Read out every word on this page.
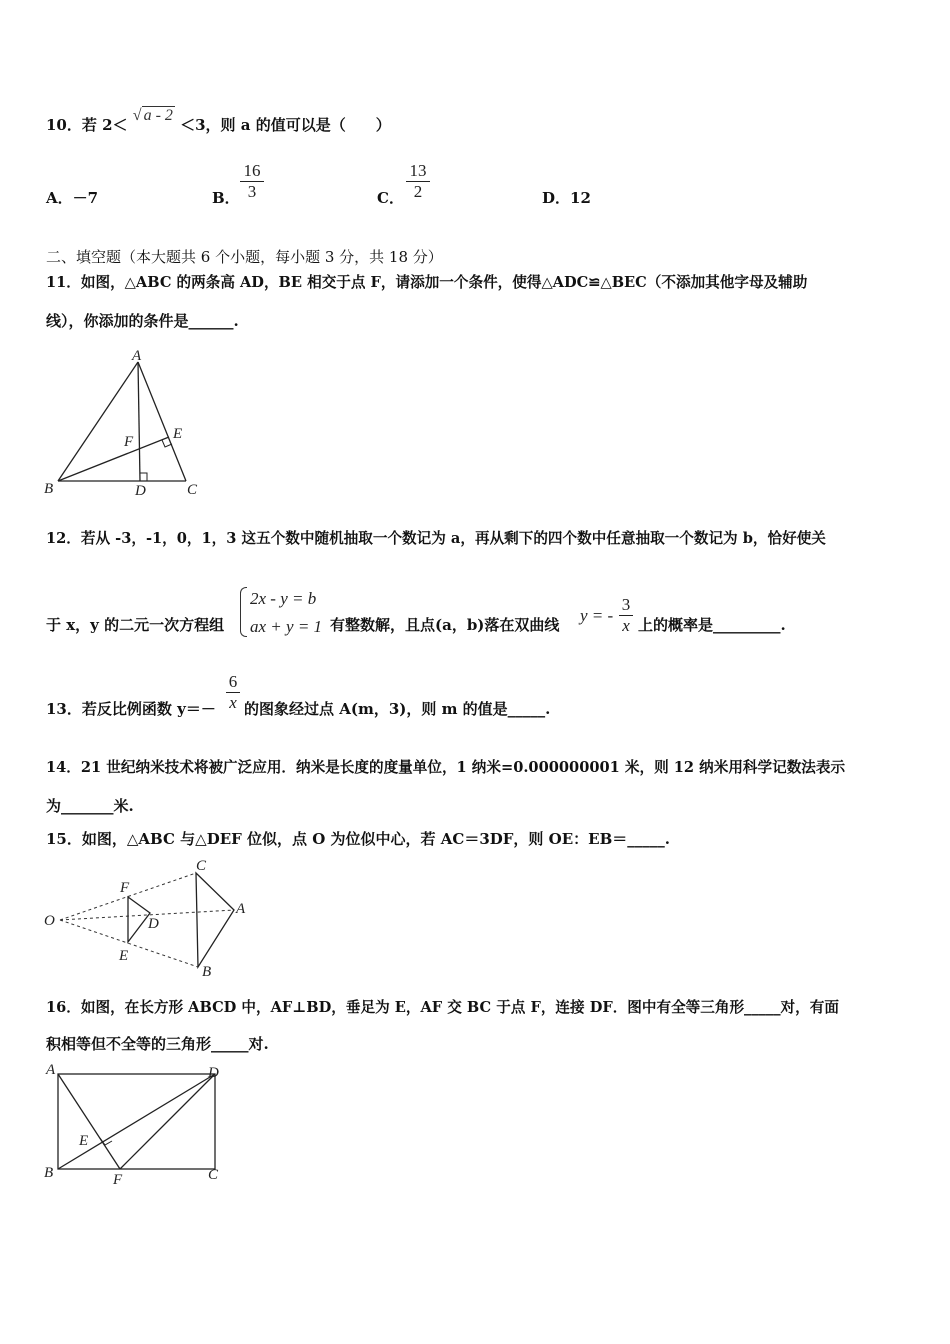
10．若 2＜ √ a - 2 ＜3，则 a 的值可以是（　　）
A．－7	B．
16
3	C．
13
2	D．12
二、填空题（本大题共 6 个小题，每小题 3 分，共 18 分）
11．如图，△ABC 的两条高 AD，BE 相交于点 F，请添加一个条件，使得△ADC≌△BEC（不添加其他字母及辅助
线），你添加的条件是______.
A
B	C
D
E
F
12．若从 -3，-1，0，1，3 这五个数中随机抽取一个数记为 a，再从剩下的四个数中任意抽取一个数记为 b，恰好使关
于 x，y 的二元一次方程组
2x - y = b
ax + y = 1 有整数解，且点(a，b)落在双曲线 y = -
3
x 上的概率是_________.
13．若反比例函数 y＝－
6
x 的图象经过点 A(m，3)，则 m 的值是_____.
14．21 世纪纳米技术将被广泛应用．纳米是长度的度量单位，1 纳米=0.000000001 米，则 12 纳米用科学记数法表示
为_______米.
15．如图，△ABC 与△DEF 位似，点 O 为位似中心，若 AC＝3DF，则 OE：EB＝_____.
O
F
D
E
C
A
B
16．如图，在长方形 ABCD 中，AF⊥BD，垂足为 E，AF 交 BC 于点 F，连接 DF．图中有全等三角形_____对，有面
积相等但不全等的三角形_____对.
A	D
E
B	F	C
